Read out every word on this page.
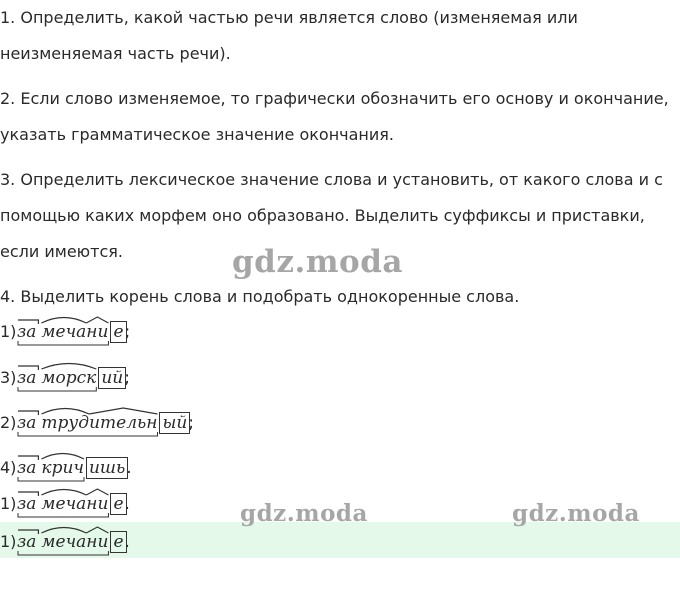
1. Определить, какой частью речи является слово (изменяемая или
неизменяемая часть речи).

2. Если слово изменяемое, то графически обозначить его основу и окончание,
указать грамматическое значение окончания.

3. Определить лексическое значение слова и установить, от какого слова и с
помощью каких морфем оно образовано. Выделить суффиксы и приставки,
если имеются.

4. Выделить корень слова и подобрать однокоренные слова.

gdz.moda
gdz.moda	gdz.moda
1) за меча ни е ;
3) за морск ий ;
2) за труд ительн ый ;
4) за крич ишь .
1) за меча ни е .
1) за меча ни е .
